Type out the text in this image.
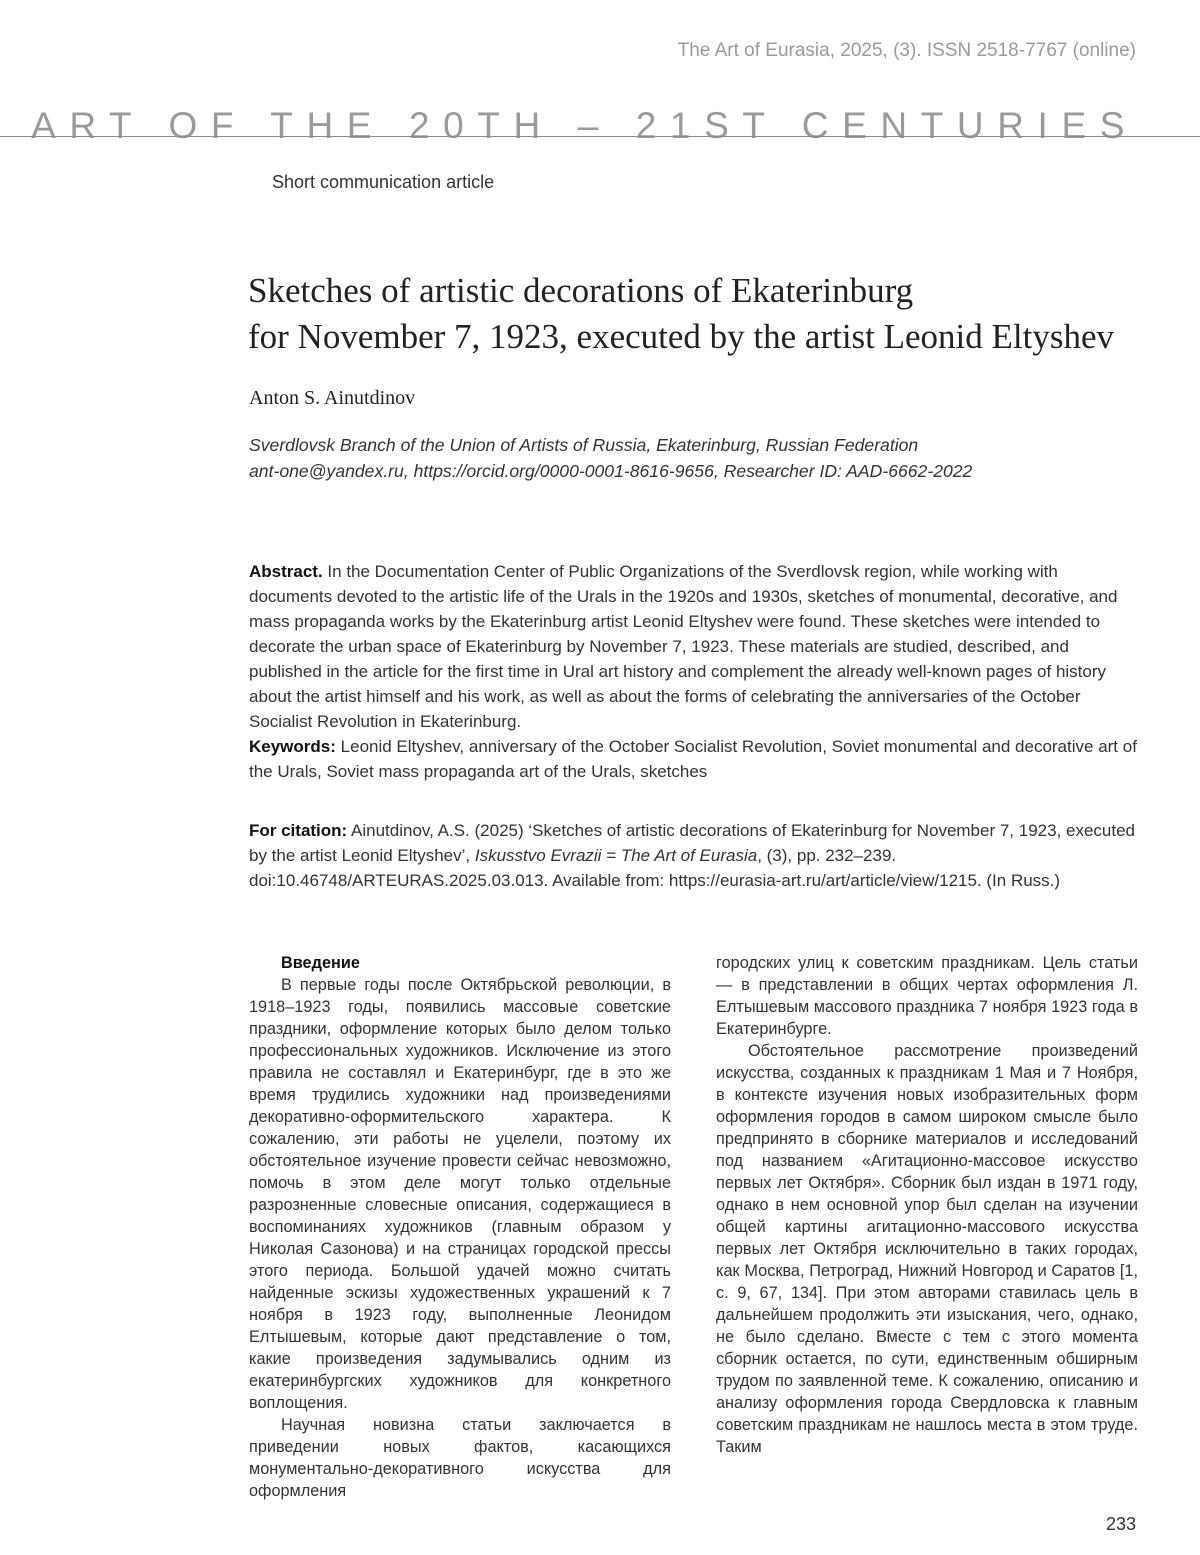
The Art of Eurasia, 2025, (3). ISSN 2518-7767 (online)
ART OF THE 20TH – 21ST CENTURIES
Short communication article
Sketches of artistic decorations of Ekaterinburg
for November 7, 1923, executed by the artist Leonid Eltyshev
Anton S. Ainutdinov
Sverdlovsk Branch of the Union of Artists of Russia, Ekaterinburg, Russian Federation
ant-one@yandex.ru, https://orcid.org/0000-0001-8616-9656, Researcher ID: AAD-6662-2022

Abstract. In the Documentation Center of Public Organizations of the Sverdlovsk region, while working with documents devoted to the artistic life of the Urals in the 1920s and 1930s, sketches of monumental, decorative, and mass propaganda works by the Ekaterinburg artist Leonid Eltyshev were found. These sketches were intended to decorate the urban space of Ekaterinburg by November 7, 1923. These materials are studied, described, and published in the article for the first time in Ural art history and complement the already well-known pages of history about the artist himself and his work, as well as about the forms of celebrating the anniversaries of the October Socialist Revolution in Ekaterinburg.

Keywords: Leonid Eltyshev, anniversary of the October Socialist Revolution, Soviet monumental and decorative art of the Urals, Soviet mass propaganda art of the Urals, sketches

For citation: Ainutdinov, A.S. (2025) ‘Sketches of artistic decorations of Ekaterinburg for November 7, 1923, executed by the artist Leonid Eltyshev’, Iskusstvo Evrazii = The Art of Eurasia, (3), pp. 232–239. doi:10.46748/ARTEURAS.2025.03.013. Available from: https://eurasia-art.ru/art/article/view/1215. (In Russ.)

Введение

В первые годы после Октябрьской революции, в 1918–1923 годы, появились массовые советские праздники, оформление которых было делом только профессиональных художников. Исключение из этого правила не составлял и Екатеринбург, где в это же время трудились художники над произведениями декоративно-оформительского характера. К сожалению, эти работы не уцелели, поэтому их обстоятельное изучение провести сейчас невозможно, помочь в этом деле могут только отдельные разрозненные словесные описания, содержащиеся в воспоминаниях художников (главным образом у Николая Сазонова) и на страницах городской прессы этого периода. Большой удачей можно считать найденные эскизы художественных украшений к 7 ноября в 1923 году, выполненные Леонидом Елтышевым, которые дают представление о том, какие произведения задумывались одним из екатеринбургских художников для конкретного воплощения.

Научная новизна статьи заключается в приведении новых фактов, касающихся монументально-декоративного искусства для оформления

городских улиц к советским праздникам. Цель статьи — в представлении в общих чертах оформления Л. Елтышевым массового праздника 7 ноября 1923 года в Екатеринбурге.

Обстоятельное рассмотрение произведений искусства, созданных к праздникам 1 Мая и 7 Ноября, в контексте изучения новых изобразительных форм оформления городов в самом широком смысле было предпринято в сборнике материалов и исследований под названием «Агитационно-массовое искусство первых лет Октября». Сборник был издан в 1971 году, однако в нем основной упор был сделан на изучении общей картины агитационно-массового искусства первых лет Октября исключительно в таких городах, как Москва, Петроград, Нижний Новгород и Саратов [1, с. 9, 67, 134]. При этом авторами ставилась цель в дальнейшем продолжить эти изыскания, чего, однако, не было сделано. Вместе с тем с этого момента сборник остается, по сути, единственным обширным трудом по заявленной теме. К сожалению, описанию и анализу оформления города Свердловска к главным советским праздникам не нашлось места в этом труде. Таким

233
